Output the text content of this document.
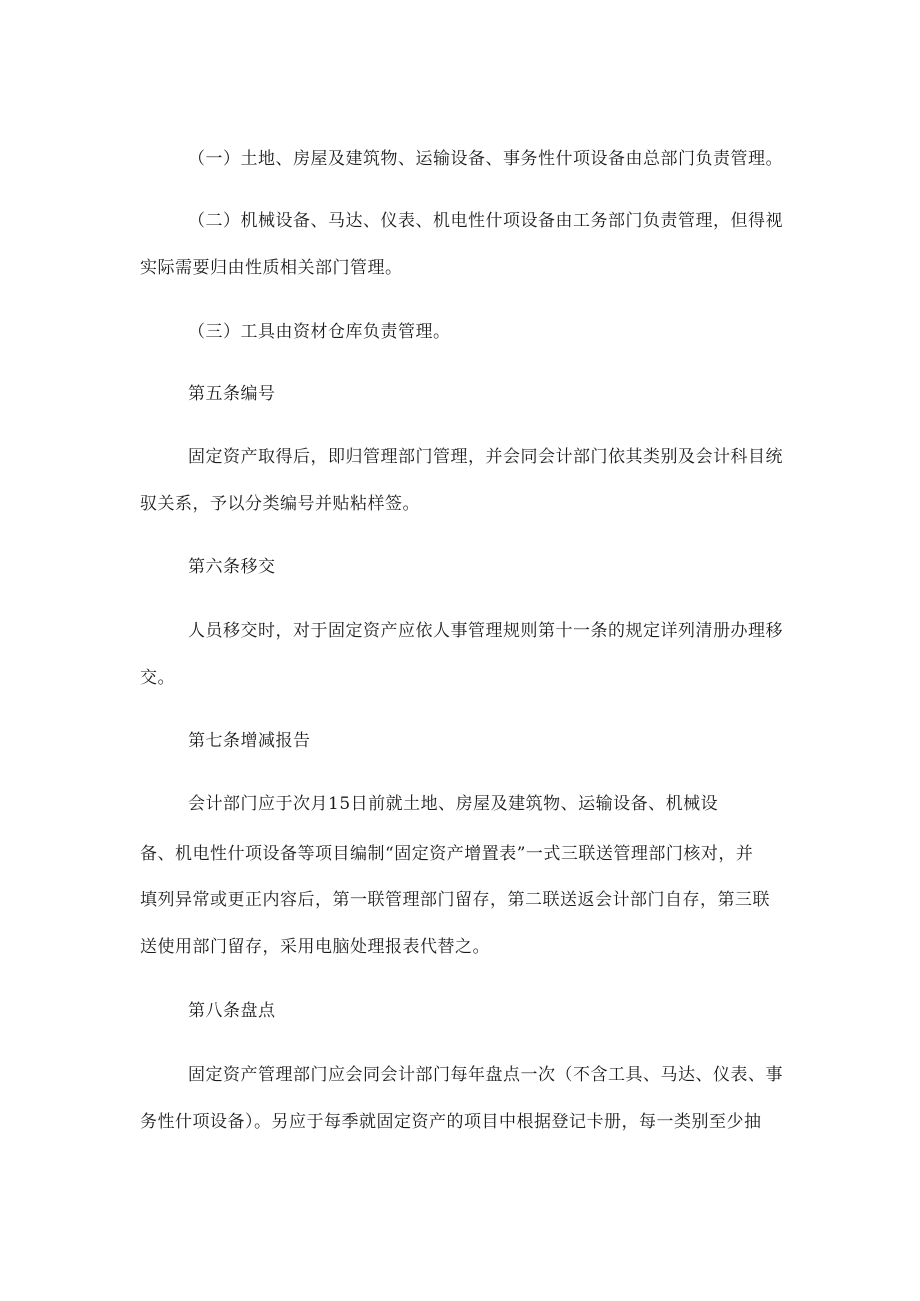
（一）土地、房屋及建筑物、运输设备、事务性什项设备由总部门负责管理。
（二）机械设备、马达、仪表、机电性什项设备由工务部门负责管理，但得视
实际需要归由性质相关部门管理。
（三）工具由资材仓库负责管理。
第五条编号
固定资产取得后，即归管理部门管理，并会同会计部门依其类别及会计科目统
驭关系，予以分类编号并贴粘样签。
第六条移交
人员移交时，对于固定资产应依人事管理规则第十一条的规定详列清册办理移
交。
第七条增减报告
会计部门应于次月15日前就土地、房屋及建筑物、运输设备、机械设
备、机电性什项设备等项目编制“固定资产增置表”一式三联送管理部门核对，并
填列异常或更正内容后，第一联管理部门留存，第二联送返会计部门自存，第三联
送使用部门留存，采用电脑处理报表代替之。
第八条盘点
固定资产管理部门应会同会计部门每年盘点一次（不含工具、马达、仪表、事
务性什项设备）。另应于每季就固定资产的项目中根据登记卡册，每一类别至少抽
